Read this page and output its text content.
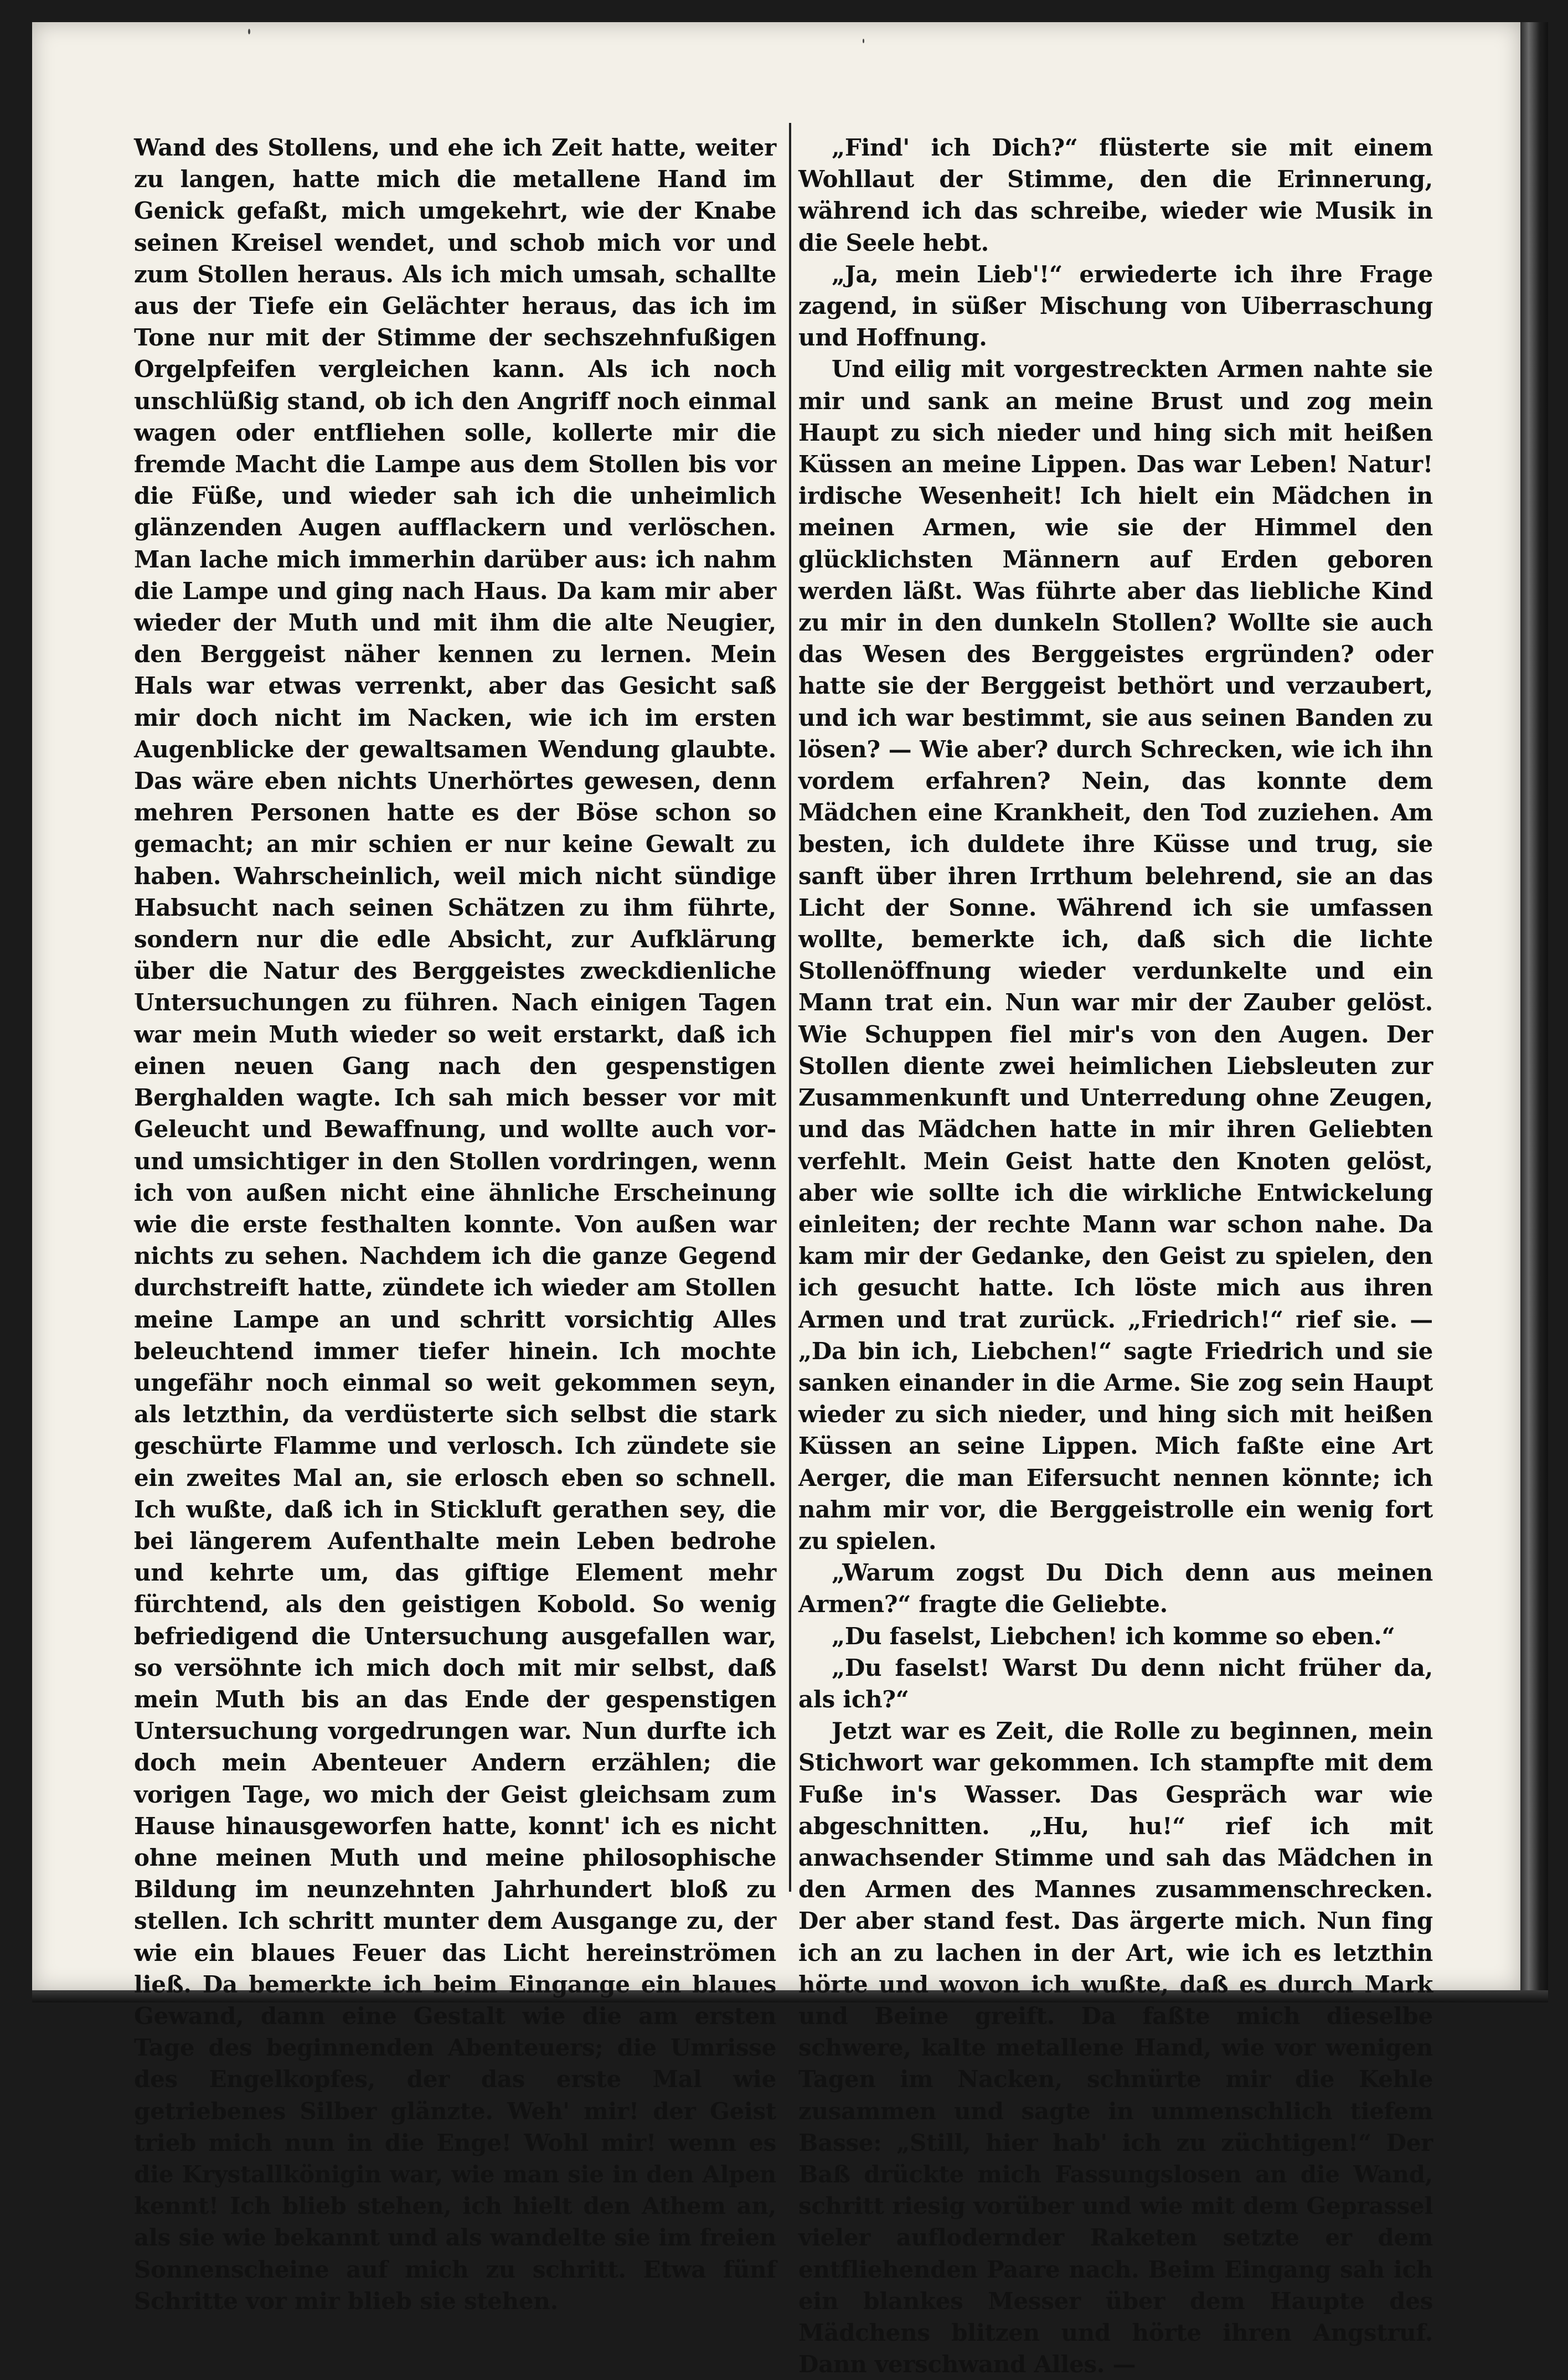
Wand des Stollens, und ehe ich Zeit hatte, weiter zu langen, hatte mich die metallene Hand im Genick gefaßt, mich umgekehrt, wie der Knabe seinen Kreisel wendet, und schob mich vor und zum Stollen heraus. Als ich mich umsah, schallte aus der Tiefe ein Gelächter heraus, das ich im Tone nur mit der Stimme der sechszehnfußigen Orgelpfeifen vergleichen kann. Als ich noch unschlüßig stand, ob ich den Angriff noch einmal wagen oder entfliehen solle, kollerte mir die fremde Macht die Lampe aus dem Stollen bis vor die Füße, und wieder sah ich die unheimlich glänzenden Augen aufflackern und verlöschen. Man lache mich immerhin darüber aus: ich nahm die Lampe und ging nach Haus. Da kam mir aber wieder der Muth und mit ihm die alte Neugier, den Berggeist näher kennen zu lernen. Mein Hals war etwas verrenkt, aber das Gesicht saß mir doch nicht im Nacken, wie ich im ersten Augenblicke der gewaltsamen Wendung glaubte. Das wäre eben nichts Unerhörtes gewesen, denn mehren Personen hatte es der Böse schon so gemacht; an mir schien er nur keine Gewalt zu haben. Wahrscheinlich, weil mich nicht sündige Habsucht nach seinen Schätzen zu ihm führte, sondern nur die edle Absicht, zur Aufklärung über die Natur des Berggeistes zweckdienliche Untersuchungen zu führen. Nach einigen Tagen war mein Muth wieder so weit erstarkt, daß ich einen neuen Gang nach den gespenstigen Berghalden wagte. Ich sah mich besser vor mit Geleucht und Bewaffnung, und wollte auch vor- und umsichtiger in den Stollen vordringen, wenn ich von außen nicht eine ähnliche Erscheinung wie die erste festhalten konnte. Von außen war nichts zu sehen. Nachdem ich die ganze Gegend durchstreift hatte, zündete ich wieder am Stollen meine Lampe an und schritt vorsichtig Alles beleuchtend immer tiefer hinein. Ich mochte ungefähr noch einmal so weit gekommen seyn, als letzthin, da verdüsterte sich selbst die stark geschürte Flamme und verlosch. Ich zündete sie ein zweites Mal an, sie erlosch eben so schnell. Ich wußte, daß ich in Stickluft gerathen sey, die bei längerem Aufenthalte mein Leben bedrohe und kehrte um, das giftige Element mehr fürchtend, als den geistigen Kobold. So wenig befriedigend die Untersuchung ausgefallen war, so versöhnte ich mich doch mit mir selbst, daß mein Muth bis an das Ende der gespenstigen Untersuchung vorgedrungen war. Nun durfte ich doch mein Abenteuer Andern erzählen; die vorigen Tage, wo mich der Geist gleichsam zum Hause hinausgeworfen hatte, konnt' ich es nicht ohne meinen Muth und meine philosophische Bildung im neunzehnten Jahrhundert bloß zu stellen. Ich schritt munter dem Ausgange zu, der wie ein blaues Feuer das Licht hereinströmen ließ. Da bemerkte ich beim Eingange ein blaues Gewand, dann eine Gestalt wie die am ersten Tage des beginnenden Abenteuers; die Umrisse des Engelkopfes, der das erste Mal wie getriebenes Silber glänzte. Weh' mir! der Geist trieb mich nun in die Enge! Wohl mir! wenn es die Krystallkönigin war, wie man sie in den Alpen kennt! Ich blieb stehen, ich hielt den Athem an, als sie wie bekannt und als wandelte sie im freien Sonnenscheine auf mich zu schritt. Etwa fünf Schritte vor mir blieb sie stehen.

„Find' ich Dich?“ flüsterte sie mit einem Wohllaut der Stimme, den die Erinnerung, während ich das schreibe, wieder wie Musik in die Seele hebt.

„Ja, mein Lieb'!“ erwiederte ich ihre Frage zagend, in süßer Mischung von Uiberraschung und Hoffnung.

Und eilig mit vorgestreckten Armen nahte sie mir und sank an meine Brust und zog mein Haupt zu sich nieder und hing sich mit heißen Küssen an meine Lippen. Das war Leben! Natur! irdische Wesenheit! Ich hielt ein Mädchen in meinen Armen, wie sie der Himmel den glücklichsten Männern auf Erden geboren werden läßt. Was führte aber das liebliche Kind zu mir in den dunkeln Stollen? Wollte sie auch das Wesen des Berggeistes ergründen? oder hatte sie der Berggeist bethört und verzaubert, und ich war bestimmt, sie aus seinen Banden zu lösen? — Wie aber? durch Schrecken, wie ich ihn vordem erfahren? Nein, das konnte dem Mädchen eine Krankheit, den Tod zuziehen. Am besten, ich duldete ihre Küsse und trug, sie sanft über ihren Irrthum belehrend, sie an das Licht der Sonne. Während ich sie umfassen wollte, bemerkte ich, daß sich die lichte Stollenöffnung wieder verdunkelte und ein Mann trat ein. Nun war mir der Zauber gelöst. Wie Schuppen fiel mir's von den Augen. Der Stollen diente zwei heimlichen Liebsleuten zur Zusammenkunft und Unterredung ohne Zeugen, und das Mädchen hatte in mir ihren Geliebten verfehlt. Mein Geist hatte den Knoten gelöst, aber wie sollte ich die wirkliche Entwickelung einleiten; der rechte Mann war schon nahe. Da kam mir der Gedanke, den Geist zu spielen, den ich gesucht hatte. Ich löste mich aus ihren Armen und trat zurück. „Friedrich!“ rief sie. — „Da bin ich, Liebchen!“ sagte Friedrich und sie sanken einander in die Arme. Sie zog sein Haupt wieder zu sich nieder, und hing sich mit heißen Küssen an seine Lippen. Mich faßte eine Art Aerger, die man Eifersucht nennen könnte; ich nahm mir vor, die Berggeistrolle ein wenig fort zu spielen.

„Warum zogst Du Dich denn aus meinen Armen?“ fragte die Geliebte.

„Du faselst, Liebchen! ich komme so eben.“

„Du faselst! Warst Du denn nicht früher da, als ich?“

Jetzt war es Zeit, die Rolle zu beginnen, mein Stichwort war gekommen. Ich stampfte mit dem Fuße in's Wasser. Das Gespräch war wie abgeschnitten. „Hu, hu!“ rief ich mit anwachsender Stimme und sah das Mädchen in den Armen des Mannes zusammenschrecken. Der aber stand fest. Das ärgerte mich. Nun fing ich an zu lachen in der Art, wie ich es letzthin hörte und wovon ich wußte, daß es durch Mark und Beine greift. Da faßte mich dieselbe schwere, kalte metallene Hand, wie vor wenigen Tagen im Nacken, schnürte mir die Kehle zusammen und sagte in unmenschlich tiefem Basse: „Still, hier hab' ich zu züchtigen!“ Der Baß drückte mich Fassungslosen an die Wand, schritt riesig vorüber und wie mit dem Geprassel vieler auflodernder Raketen setzte er dem entfliehenden Paare nach. Beim Eingang sah ich ein blankes Messer über dem Haupte des Mädchens blitzen und hörte ihren Angstruf. Dann verschwand Alles. —
